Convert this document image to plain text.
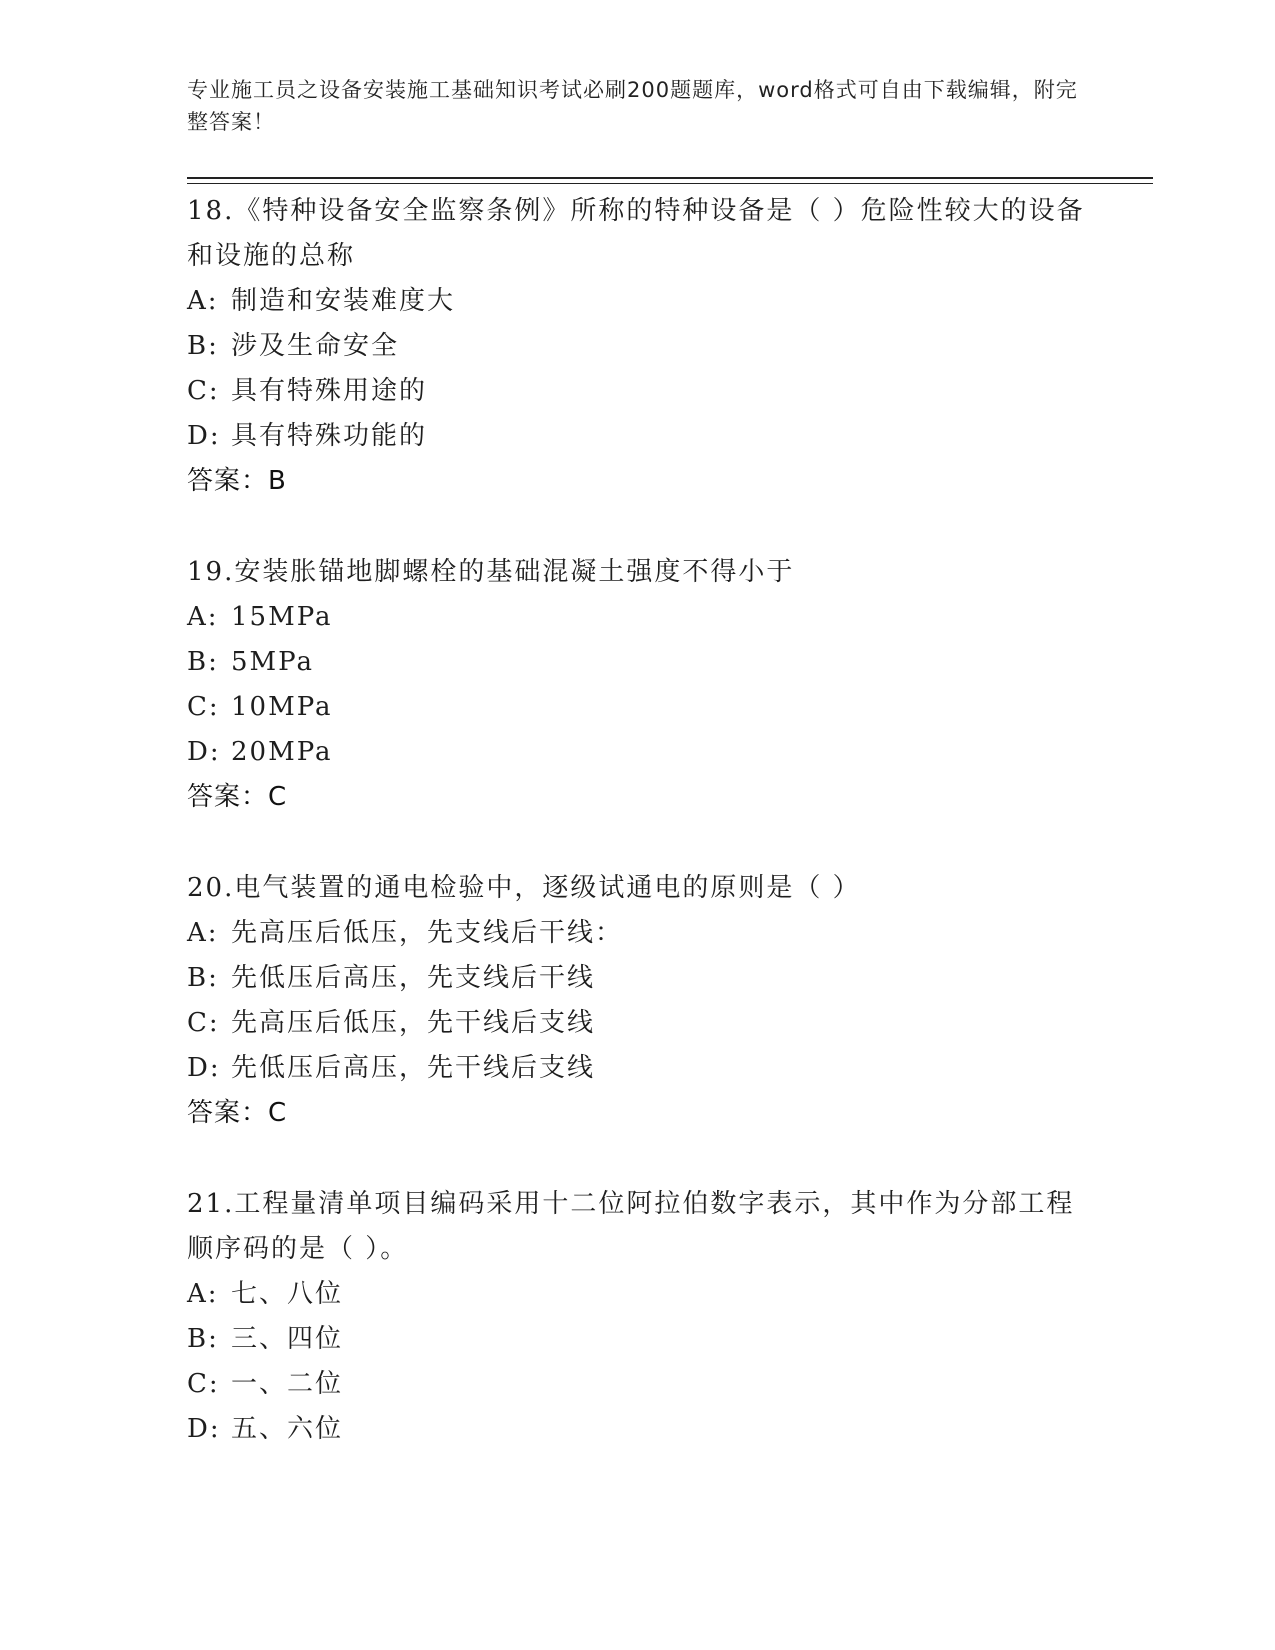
专业施工员之设备安装施工基础知识考试必刷200题题库，word格式可自由下载编辑，附完整答案！
18.《特种设备安全监察条例》所称的特种设备是（ ）危险性较大的设备和设施的总称
A: 制造和安装难度大
B: 涉及生命安全
C: 具有特殊用途的
D: 具有特殊功能的
答案：B
19.安装胀锚地脚螺栓的基础混凝土强度不得小于
A: 15MPa
B: 5MPa
C: 10MPa
D: 20MPa
答案：C
20.电气装置的通电检验中，逐级试通电的原则是（ ）
A: 先高压后低压，先支线后干线：
B: 先低压后高压，先支线后干线
C: 先高压后低压，先干线后支线
D: 先低压后高压，先干线后支线
答案：C
21.工程量清单项目编码采用十二位阿拉伯数字表示，其中作为分部工程顺序码的是（ ）。
A: 七、八位
B: 三、四位
C: 一、二位
D: 五、六位
